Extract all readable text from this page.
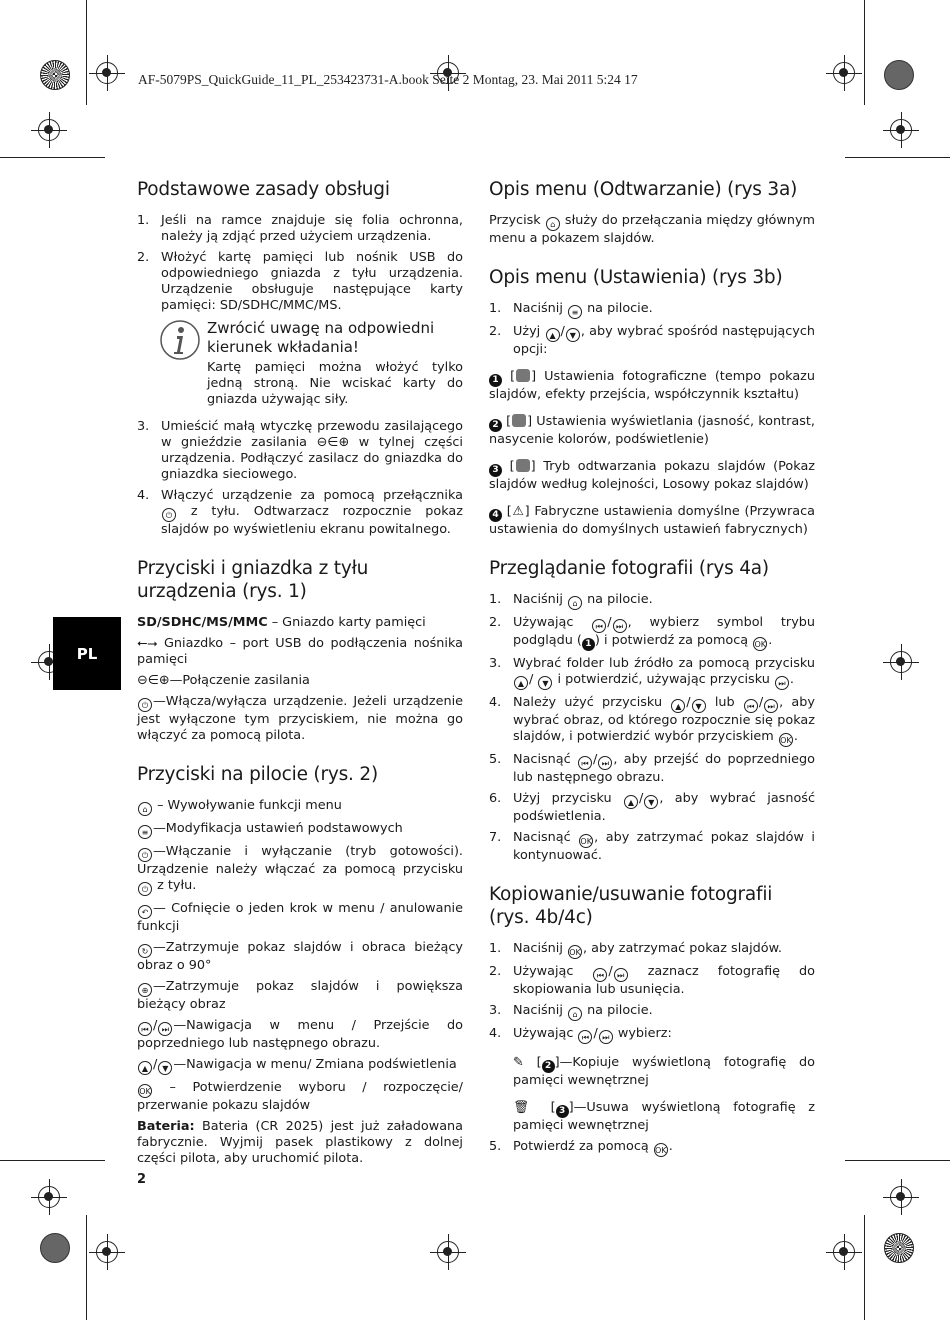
AF-5079PS_QuickGuide_11_PL_253423731-A.book Seite 2 Montag, 23. Mai 2011 5:24 17
PL
Podstawowe zasady obsługi
1. Jeśli na ramce znajduje się folia ochronna, należy ją zdjąć przed użyciem urządzenia.
2. Włożyć kartę pamięci lub nośnik USB do odpowiedniego gniazda z tyłu urządzenia. Urządzenie obsługuje następujące karty pamięci: SD/SDHC/MMC/MS.
Zwrócić uwagę na odpowiedni kierunek wkładania!
Kartę pamięci można włożyć tylko jedną stroną. Nie wciskać karty do gniazda używając siły.
3. Umieścić małą wtyczkę przewodu zasilającego w gnieździe zasilania ⊖∈⊕ w tylnej części urządzenia. Podłączyć zasilacz do gniazdka do gniazdka sieciowego.
4. Włączyć urządzenie za pomocą przełącznika ⏻ z tyłu. Odtwarzacz rozpocznie pokaz slajdów po wyświetleniu ekranu powitalnego.
Przyciski i gniazdka z tyłu urządzenia (rys. 1)
SD/SDHC/MS/MMC – Gniazdo karty pamięci
⭠⭢ Gniazdko – port USB do podłączenia nośnika pamięci
⊖∈⊕—Połączenie zasilania
⏻ —Włącza/wyłącza urządzenie. Jeżeli urządzenie jest wyłączone tym przyciskiem, nie można go włączyć za pomocą pilota.
Przyciski na pilocie (rys. 2)
⌂ – Wywoływanie funkcji menu
≡ —Modyfikacja ustawień podstawowych
⏻ —Włączanie i wyłączanie (tryb gotowości). Urządzenie należy włączać za pomocą przycisku ⏻ z tyłu.
↶ — Cofnięcie o jeden krok w menu / anulowanie funkcji
↻ —Zatrzymuje pokaz slajdów i obraca bieżący obraz o 90°
⊕ —Zatrzymuje pokaz slajdów i powiększa bieżący obraz
⏮ / ⏭ —Nawigacja w menu / Przejście do poprzedniego lub następnego obrazu.
▲ / ▼ —Nawigacja w menu/ Zmiana podświetlenia
OK – Potwierdzenie wyboru / rozpoczęcie/ przerwanie pokazu slajdów
Bateria: Bateria (CR 2025) jest już załadowana fabrycznie. Wyjmij pasek plastikowy z dolnej części pilota, aby uruchomić pilota.
Opis menu (Odtwarzanie) (rys 3a)
Przycisk ⌂ służy do przełączania między głównym menu a pokazem slajdów.
Opis menu (Ustawienia) (rys 3b)
1. Naciśnij ≡ na pilocie.
2. Użyj ▲ / ▼ , aby wybrać spośród następujących opcji:
1 [ ] Ustawienia fotograficzne (tempo pokazu slajdów, efekty przejścia, współczynnik kształtu)
2 [ ] Ustawienia wyświetlania (jasność, kontrast, nasycenie kolorów, podświetlenie)
3 [ ] Tryb odtwarzania pokazu slajdów (Pokaz slajdów według kolejności, Losowy pokaz slajdów)
4 [⚠] Fabryczne ustawienia domyślne (Przywraca ustawienia do domyślnych ustawień fabrycznych)
Przeglądanie fotografii (rys 4a)
1. Naciśnij ⌂ na pilocie.
2. Używając	⏮ / ⏭ , wybierz symbol trybu podglądu ( 1 ) i potwierdź za pomocą OK .
3. Wybrać folder lub źródło za pomocą przycisku ▲ / ▼ i potwierdzić, używając przycisku ⏭ .
4. Należy użyć przycisku ▲ / ▼ lub ⏮ / ⏭ , aby wybrać obraz, od którego rozpocznie się pokaz slajdów, i potwierdzić wybór przyciskiem OK .
5. Nacisnąć ⏮ / ⏭ , aby przejść do poprzedniego lub następnego obrazu.
6. Użyj przycisku ▲ / ▼ , aby wybrać jasność podświetlenia.
7. Nacisnąć OK , aby zatrzymać pokaz slajdów i kontynuować.
Kopiowanie/usuwanie fotografii (rys. 4b/4c)
1. Naciśnij OK , aby zatrzymać pokaz slajdów.
2. Używając	⏮ / ⏭ zaznacz fotografię do skopiowania lub usunięcia.
3. Naciśnij ⌂ na pilocie.
4. Używając ⏮ / ⏭ wybierz:
✎ [ 2 ]—Kopiuje wyświetloną fotografię do pamięci wewnętrznej
🗑 [ 3 ]—Usuwa wyświetloną fotografię z pamięci wewnętrznej
5. Potwierdź za pomocą OK .
2
